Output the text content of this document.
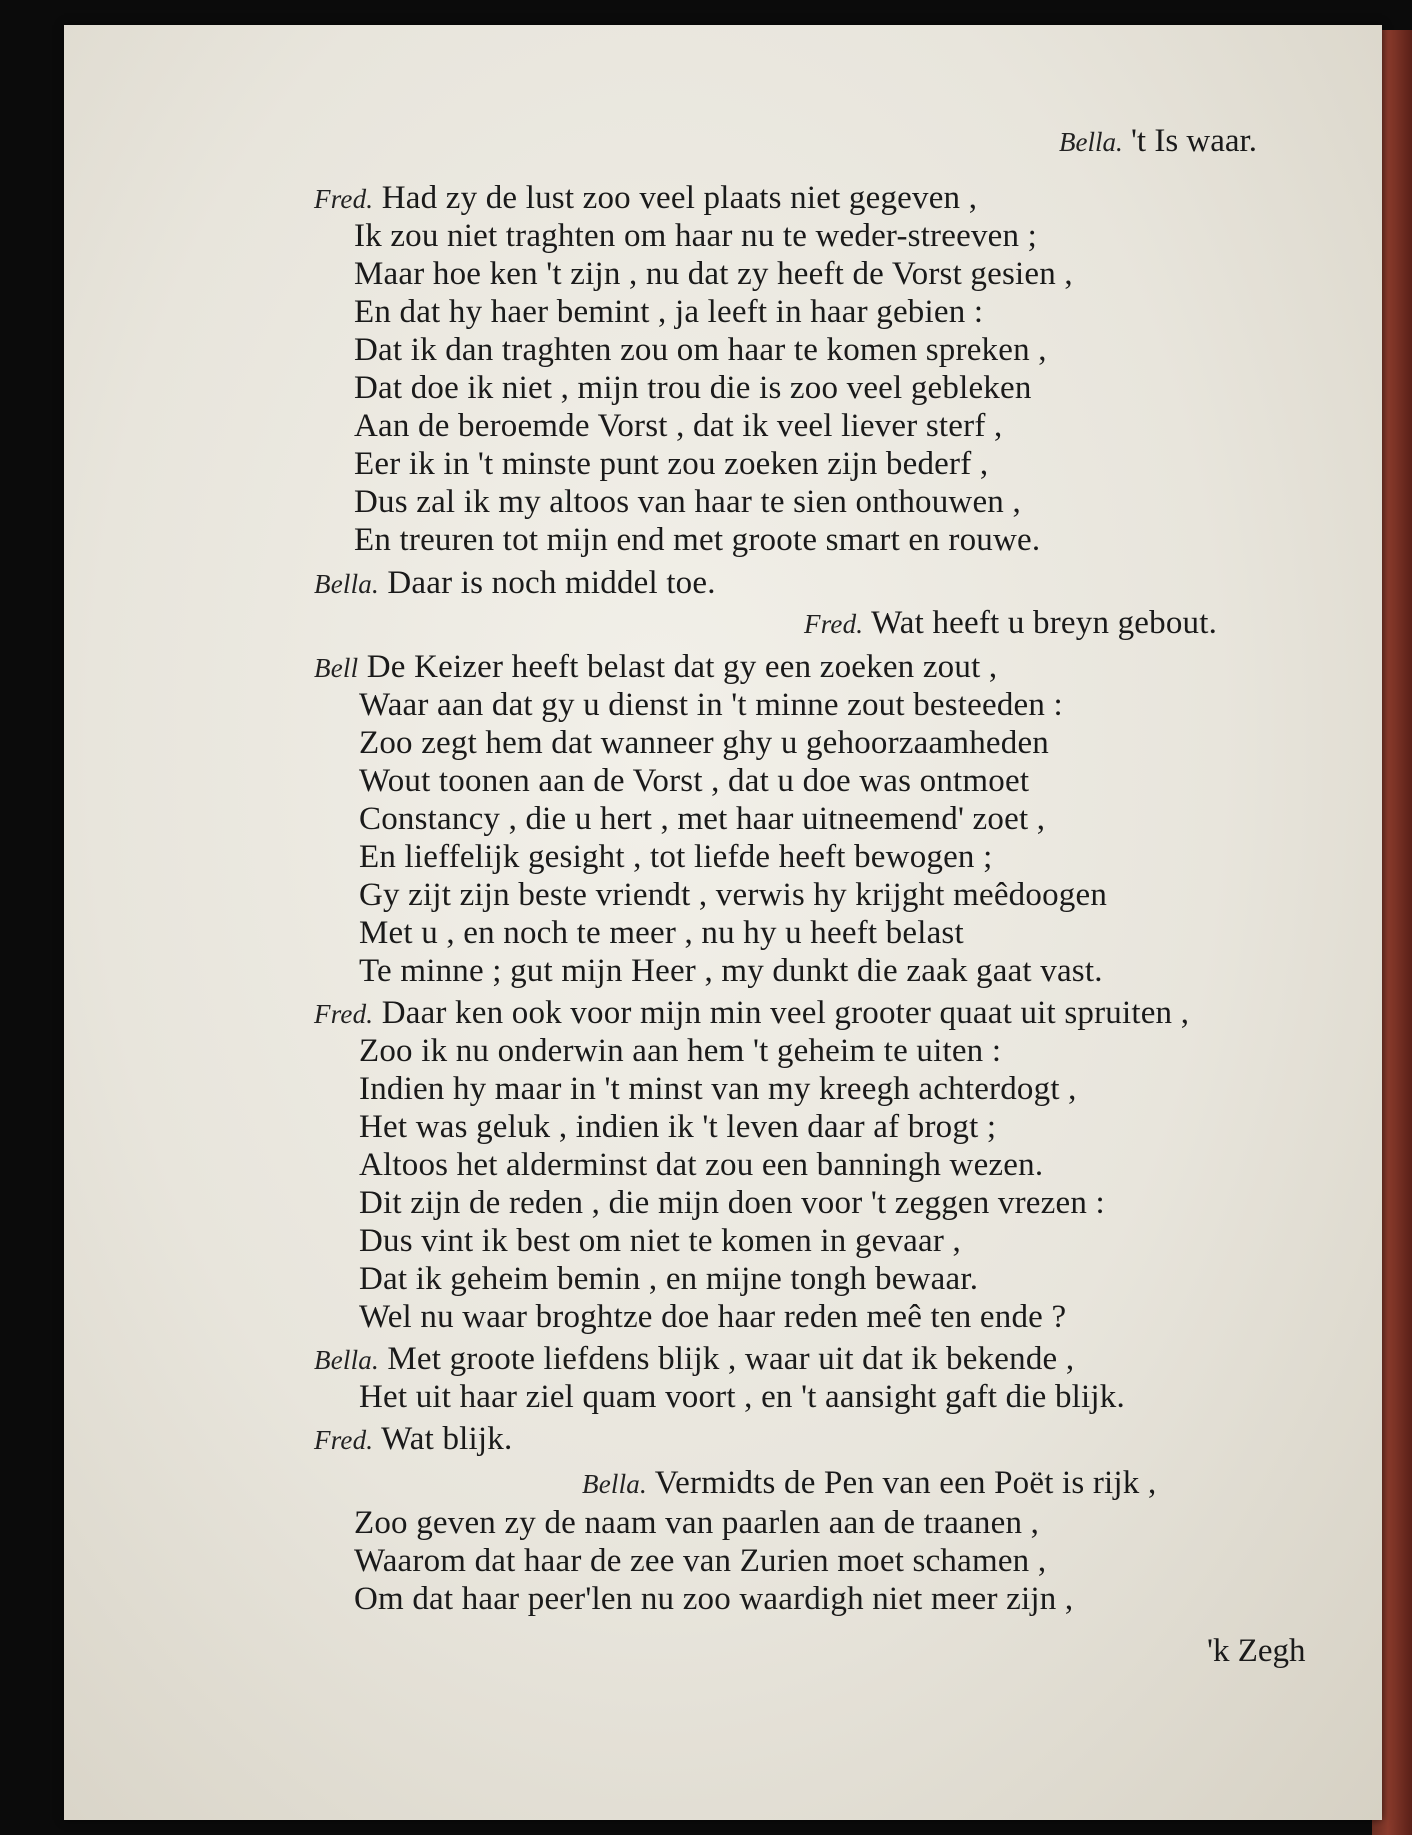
Bella. 't Is waar.
Fred. Had zy de lust zoo veel plaats niet gegeven ,
Ik zou niet traghten om haar nu te weder-streeven ;
Maar hoe ken 't zijn , nu dat zy heeft de Vorst gesien ,
En dat hy haer bemint , ja leeft in haar gebien :
Dat ik dan traghten zou om haar te komen spreken ,
Dat doe ik niet , mijn trou die is zoo veel gebleken
Aan de beroemde Vorst , dat ik veel liever sterf ,
Eer ik in 't minste punt zou zoeken zijn bederf ,
Dus zal ik my altoos van haar te sien onthouwen ,
En treuren tot mijn end met groote smart en rouwe.
Bella. Daar is noch middel toe.
Fred. Wat heeft u breyn gebout.
Bell De Keizer heeft belast dat gy een zoeken zout ,
Waar aan dat gy u dienst in 't minne zout besteeden :
Zoo zegt hem dat wanneer ghy u gehoorzaamheden
Wout toonen aan de Vorst , dat u doe was ontmoet
Constancy , die u hert , met haar uitneemend' zoet ,
En lieffelijk gesight , tot liefde heeft bewogen ;
Gy zijt zijn beste vriendt , verwis hy krijght meêdoogen
Met u , en noch te meer , nu hy u heeft belast
Te minne ; gut mijn Heer , my dunkt die zaak gaat vast.
Fred. Daar ken ook voor mijn min veel grooter quaat uit spruiten ,
Zoo ik nu onderwin aan hem 't geheim te uiten :
Indien hy maar in 't minst van my kreegh achterdogt ,
Het was geluk , indien ik 't leven daar af brogt ;
Altoos het alderminst dat zou een banningh wezen.
Dit zijn de reden , die mijn doen voor 't zeggen vrezen :
Dus vint ik best om niet te komen in gevaar ,
Dat ik geheim bemin , en mijne tongh bewaar.
Wel nu waar broghtze doe haar reden meê ten ende ?
Bella. Met groote liefdens blijk , waar uit dat ik bekende ,
Het uit haar ziel quam voort , en 't aansight gaft die blijk.
Fred. Wat blijk.
Bella. Vermidts de Pen van een Poët is rijk ,
Zoo geven zy de naam van paarlen aan de traanen ,
Waarom dat haar de zee van Zurien moet schamen ,
Om dat haar peer'len nu zoo waardigh niet meer zijn ,
'k Zegh
